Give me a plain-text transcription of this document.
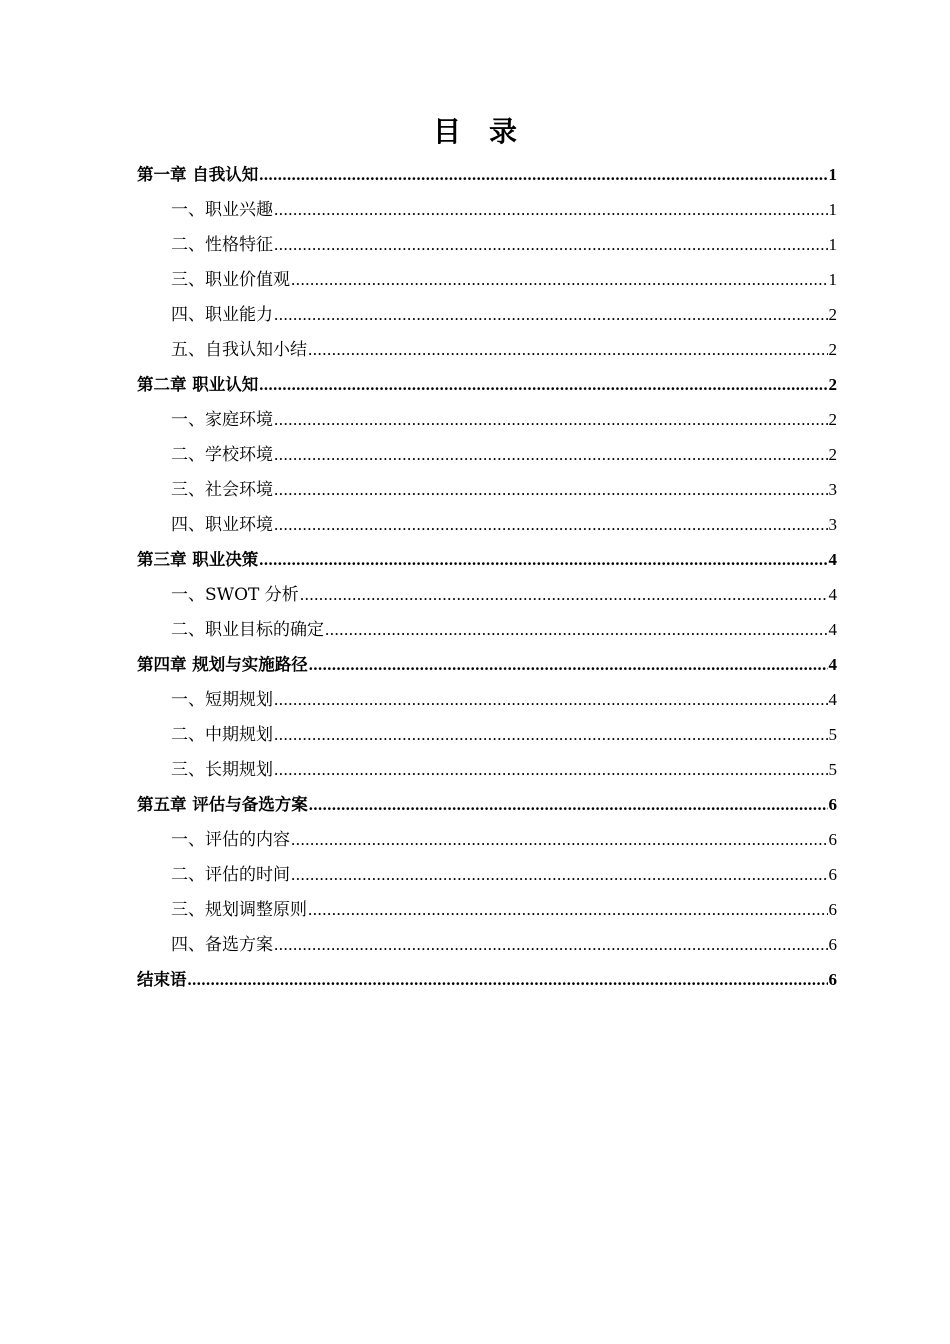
目 录
第一章 自我认知 .....	1
一、职业兴趣 .....	1
二、性格特征 .....	1
三、职业价值观 .....	1
四、职业能力 .....	2
五、自我认知小结 .....	2
第二章 职业认知 .....	2
一、家庭环境 .....	2
二、学校环境 .....	2
三、社会环境 .....	3
四、职业环境 .....	3
第三章 职业决策 .....	4
一、SWOT 分析 .....	4
二、职业目标的确定 .....	4
第四章 规划与实施路径 .....	4
一、短期规划 .....	4
二、中期规划 .....	5
三、长期规划 .....	5
第五章 评估与备选方案 .....	6
一、评估的内容 .....	6
二、评估的时间 .....	6
三、规划调整原则 .....	6
四、备选方案 .....	6
结束语 .....	6
